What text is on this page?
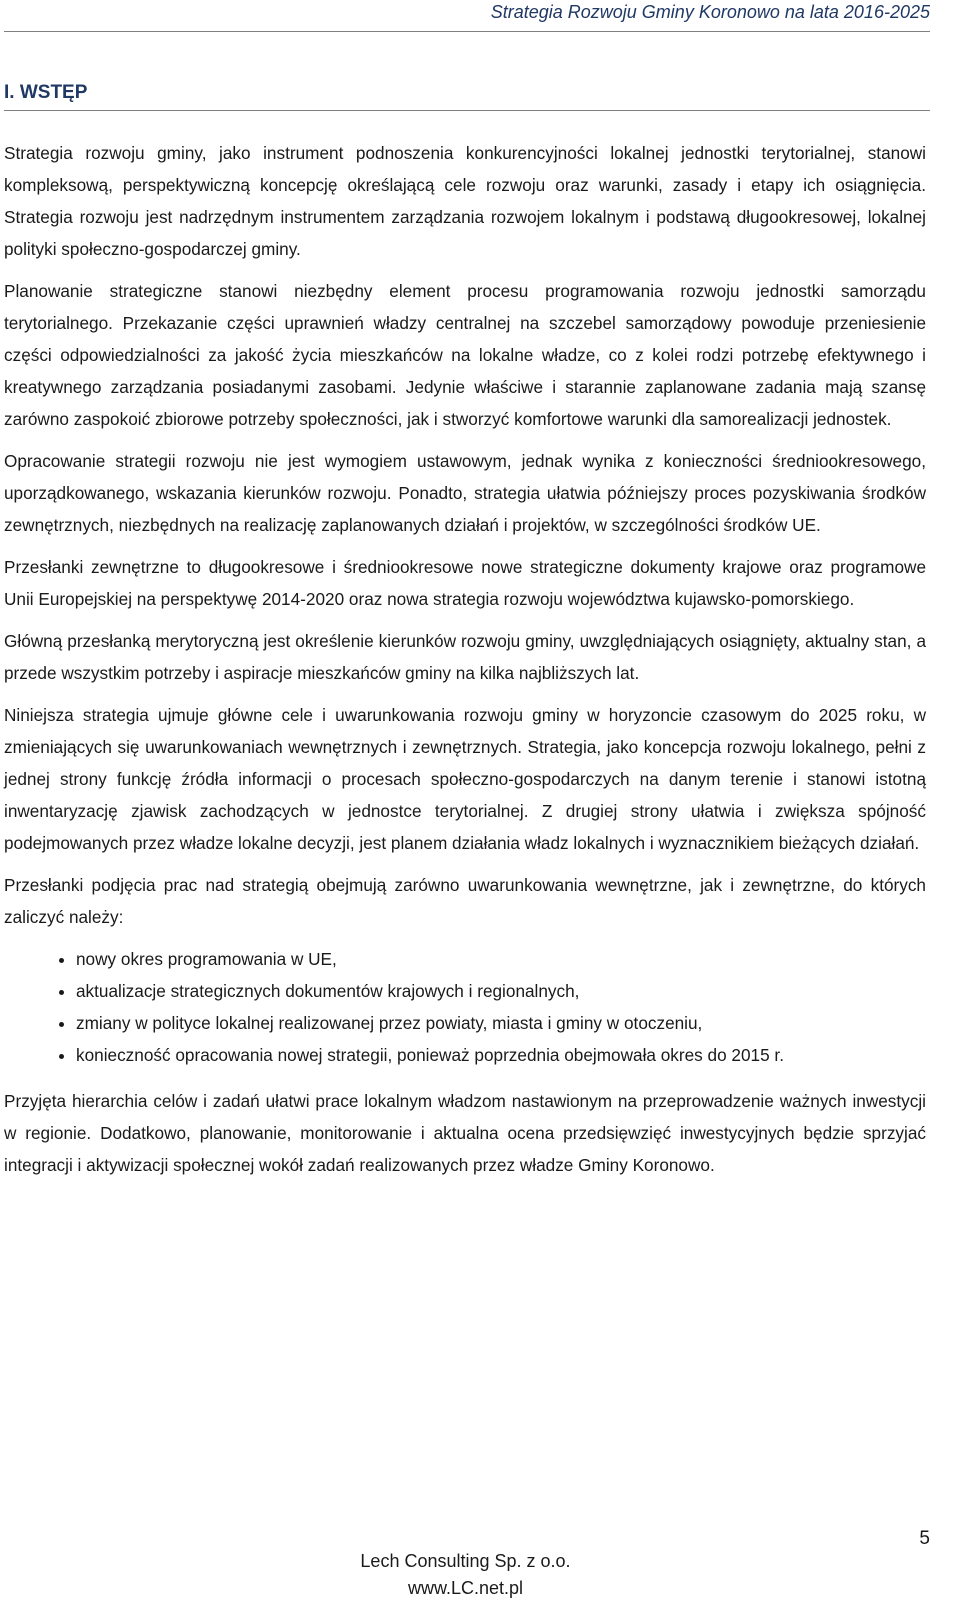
Strategia Rozwoju Gminy Koronowo na lata 2016-2025
I. WSTĘP

Strategia rozwoju gminy, jako instrument podnoszenia konkurencyjności lokalnej jednostki terytorialnej, stanowi kompleksową, perspektywiczną koncepcję określającą cele rozwoju oraz warunki, zasady i etapy ich osiągnięcia. Strategia rozwoju jest nadrzędnym instrumentem zarządzania rozwojem lokalnym i podstawą długookresowej, lokalnej polityki społeczno-gospodarczej gminy.

Planowanie strategiczne stanowi niezbędny element procesu programowania rozwoju jednostki samorządu terytorialnego. Przekazanie części uprawnień władzy centralnej na szczebel samorządowy powoduje przeniesienie części odpowiedzialności za jakość życia mieszkańców na lokalne władze, co z kolei rodzi potrzebę efektywnego i kreatywnego zarządzania posiadanymi zasobami. Jedynie właściwe i starannie zaplanowane zadania mają szansę zarówno zaspokoić zbiorowe potrzeby społeczności, jak i stworzyć komfortowe warunki dla samorealizacji jednostek.

Opracowanie strategii rozwoju nie jest wymogiem ustawowym, jednak wynika z konieczności średniookresowego, uporządkowanego, wskazania kierunków rozwoju. Ponadto, strategia ułatwia późniejszy proces pozyskiwania środków zewnętrznych, niezbędnych na realizację zaplanowanych działań i projektów, w szczególności środków UE.

Przesłanki zewnętrzne to długookresowe i średniookresowe nowe strategiczne dokumenty krajowe oraz programowe Unii Europejskiej na perspektywę 2014-2020 oraz nowa strategia rozwoju województwa kujawsko-pomorskiego.

Główną przesłanką merytoryczną jest określenie kierunków rozwoju gminy, uwzględniających osiągnięty, aktualny stan, a przede wszystkim potrzeby i aspiracje mieszkańców gminy na kilka najbliższych lat.

Niniejsza strategia ujmuje główne cele i uwarunkowania rozwoju gminy w horyzoncie czasowym do 2025 roku, w zmieniających się uwarunkowaniach wewnętrznych i zewnętrznych. Strategia, jako koncepcja rozwoju lokalnego, pełni z jednej strony funkcję źródła informacji o procesach społeczno-gospodarczych na danym terenie i stanowi istotną inwentaryzację zjawisk zachodzących w jednostce terytorialnej. Z drugiej strony ułatwia i zwiększa spójność podejmowanych przez władze lokalne decyzji, jest planem działania władz lokalnych i wyznacznikiem bieżących działań.

Przesłanki podjęcia prac nad strategią obejmują zarówno uwarunkowania wewnętrzne, jak i zewnętrzne, do których zaliczyć należy:

• nowy okres programowania w UE,
• aktualizacje strategicznych dokumentów krajowych i regionalnych,
• zmiany w polityce lokalnej realizowanej przez powiaty, miasta i gminy w otoczeniu,
• konieczność opracowania nowej strategii, ponieważ poprzednia obejmowała okres do 2015 r.

Przyjęta hierarchia celów i zadań ułatwi prace lokalnym władzom nastawionym na przeprowadzenie ważnych inwestycji w regionie. Dodatkowo, planowanie, monitorowanie i aktualna ocena przedsięwzięć inwestycyjnych będzie sprzyjać integracji i aktywizacji społecznej wokół zadań realizowanych przez władze Gminy Koronowo.

5
Lech Consulting Sp. z o.o.
www.LC.net.pl
